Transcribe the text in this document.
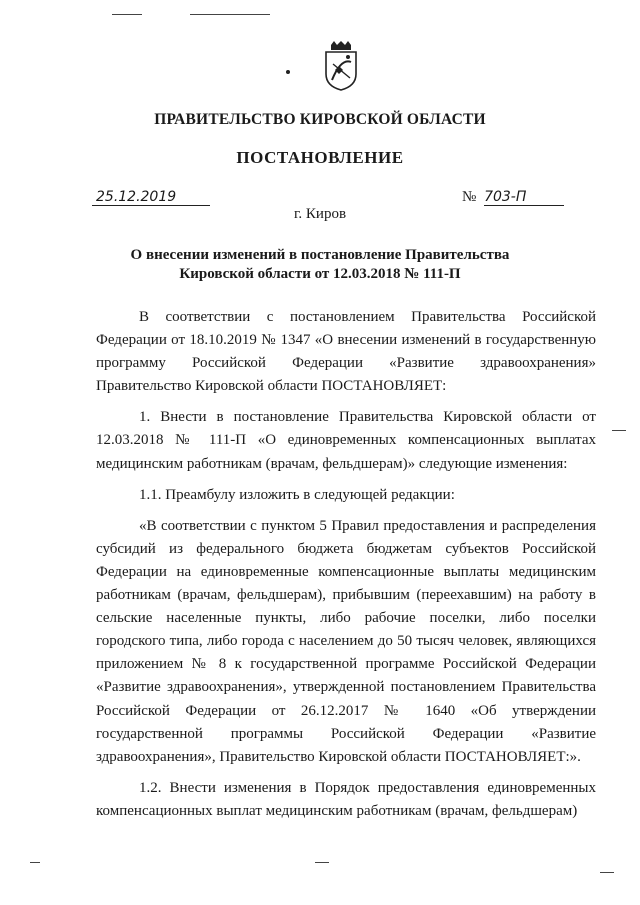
ПРАВИТЕЛЬСТВО КИРОВСКОЙ ОБЛАСТИ
ПОСТАНОВЛЕНИЕ
25.12.2019	№ 703-П
г. Киров
О внесении изменений в постановление Правительства
Кировской области от 12.03.2018 № 111-П

В соответствии с постановлением Правительства Российской Федерации от 18.10.2019 № 1347 «О внесении изменений в государственную программу Российской Федерации «Развитие здравоохранения» Правительство Кировской области ПОСТАНОВЛЯЕТ:

1. Внести в постановление Правительства Кировской области от 12.03.2018 № 111-П «О единовременных компенсационных выплатах медицинским работникам (врачам, фельдшерам)» следующие изменения:

1.1. Преамбулу изложить в следующей редакции:

«В соответствии с пунктом 5 Правил предоставления и распределения субсидий из федерального бюджета бюджетам субъектов Российской Федерации на единовременные компенсационные выплаты медицинским работникам (врачам, фельдшерам), прибывшим (переехавшим) на работу в сельские населенные пункты, либо рабочие поселки, либо поселки городского типа, либо города с населением до 50 тысяч человек, являющихся приложением № 8 к государственной программе Российской Федерации «Развитие здравоохранения», утвержденной постановлением Правительства Российской Федерации от 26.12.2017 № 1640 «Об утверждении государственной программы Российской Федерации «Развитие здравоохранения», Правительство Кировской области ПОСТАНОВЛЯЕТ:».

1.2. Внести изменения в Порядок предоставления единовременных компенсационных выплат медицинским работникам (врачам, фельдшерам)
